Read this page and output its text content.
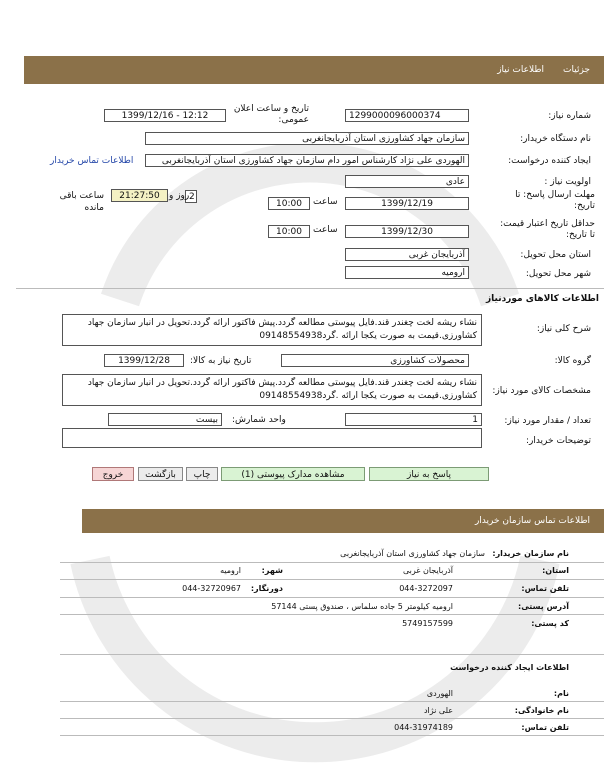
جزئیات
اطلاعات نیاز
شماره نیاز:
1299000096000374
تاریخ و ساعت اعلان عمومی:
1399/12/16 - 12:12
نام دستگاه خریدار:
سازمان جهاد کشاورزی استان آذربایجانغربی
ایجاد کننده درخواست:
الهوردی علی نژاد کارشناس امور دام سازمان جهاد کشاورزی استان آذربایجانغربی
اطلاعات تماس خریدار
اولویت نیاز :
عادی
مهلت ارسال پاسخ: تا تاریخ:
1399/12/19
ساعت
10:00
2
روز و
21:27:50
ساعت باقی مانده
حداقل تاریخ اعتبار قیمت: تا تاریخ:
1399/12/30
ساعت
10:00
استان محل تحویل:
آذربایجان غربی
شهر محل تحویل:
ارومیه
اطلاعات کالاهای موردنیاز
شرح کلی نیاز:
نشاء ریشه لخت چغندر قند.فایل پیوستی مطالعه گردد.پیش فاکتور ارائه گردد.تحویل در انبار سازمان جهاد کشاورزی.قیمت به صورت یکجا ارائه .گرد09148554938
گروه کالا:
محصولات کشاورزی
تاریخ نیاز به کالا:
1399/12/28
مشخصات کالای مورد نیاز:
نشاء ریشه لخت چغندر قند.فایل پیوستی مطالعه گردد.پیش فاکتور ارائه گردد.تحویل در انبار سازمان جهاد کشاورزی.قیمت به صورت یکجا ارائه .گرد09148554938
تعداد / مقدار مورد نیاز:
1
واحد شمارش:
بیست
توضیحات خریدار:
پاسخ به نیاز
مشاهده مدارک پیوستی (1)
چاپ
بازگشت
خروج
اطلاعات تماس سازمان خریدار
نام سازمان خریدار:
سازمان جهاد کشاورزی استان آذربایجانغربی
استان:
آذربایجان غربی
شهر:
ارومیه
تلفن تماس:
044-3272097
دورنگار:
044-32720967
آدرس پستی:
ارومیه کیلومتر 5 جاده سلماس ، صندوق پستی 57144
کد پستی:
5749157599
اطلاعات ایجاد کننده درخواست
نام:
الهوردی
نام خانوادگی:
علی نژاد
تلفن تماس:
044-31974189
